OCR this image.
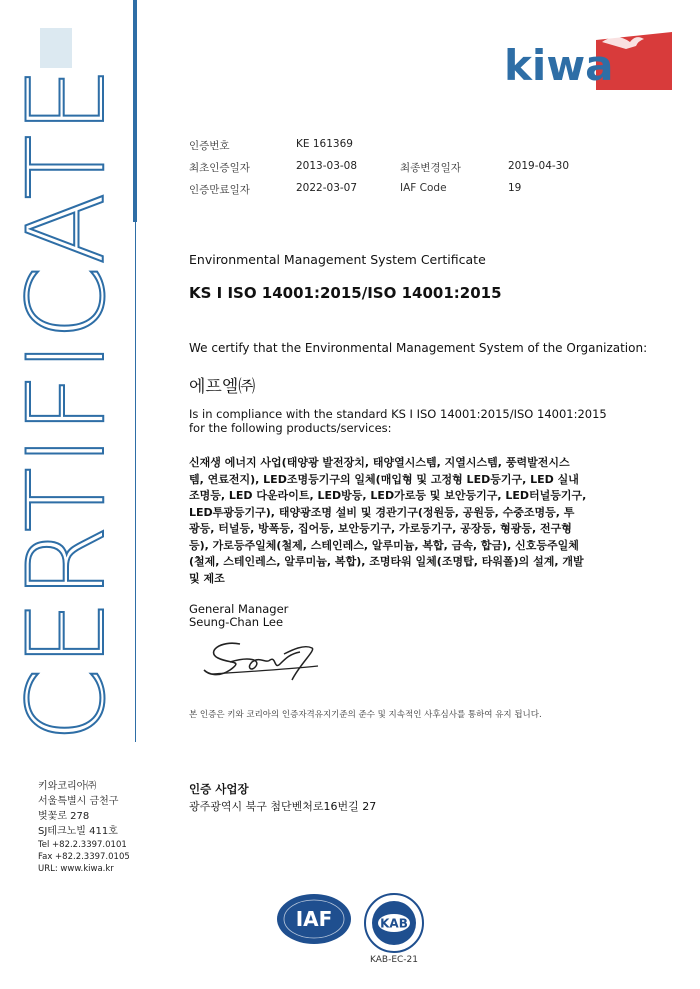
CERTIFICATE
kiwa
인증번호	KE 161369
최초인증일자	2013-03-08	최종변경일자	2019-04-30
인증만료일자	2022-03-07	IAF Code	19
Environmental Management System Certificate
KS I ISO 14001:2015/ISO 14001:2015
We certify that the Environmental Management System of the Organization:
에프엘㈜
Is in compliance with the standard KS I ISO 14001:2015/ISO 14001:2015
for the following products/services:
신재생 에너지 사업(태양광 발전장치, 태양열시스템, 지열시스템, 풍력발전시스
템, 연료전지), LED조명등기구의 일체(매입형 및 고정형 LED등기구, LED 실내
조명등, LED 다운라이트, LED방등, LED가로등 및 보안등기구, LED터널등기구,
LED투광등기구), 태양광조명 설비 및 경관기구(정원등, 공원등, 수중조명등, 투
광등, 터널등, 방폭등, 집어등, 보안등기구, 가로등기구, 공장등, 형광등, 전구형
등), 가로등주일체(철제, 스테인레스, 알루미늄, 복합, 금속, 합금), 신호등주일체
(철제, 스테인레스, 알루미늄, 복합), 조명타워 일체(조명탑, 타워폴)의 설계, 개발
및 제조
General Manager
Seung-Chan Lee
본 인증은 키와 코리아의 인증자격유지기준의 준수 및 지속적인 사후심사를 통하여 유지 됩니다.
키와코리아㈜
서울특별시 금천구
벚꽃로 278
SJ테크노빌 411호
Tel +82.2.3397.0101
Fax +82.2.3397.0105
URL: www.kiwa.kr
인증 사업장
광주광역시 북구 첨단벤처로16번길 27
IAF	KAB
KAB-EC-21
